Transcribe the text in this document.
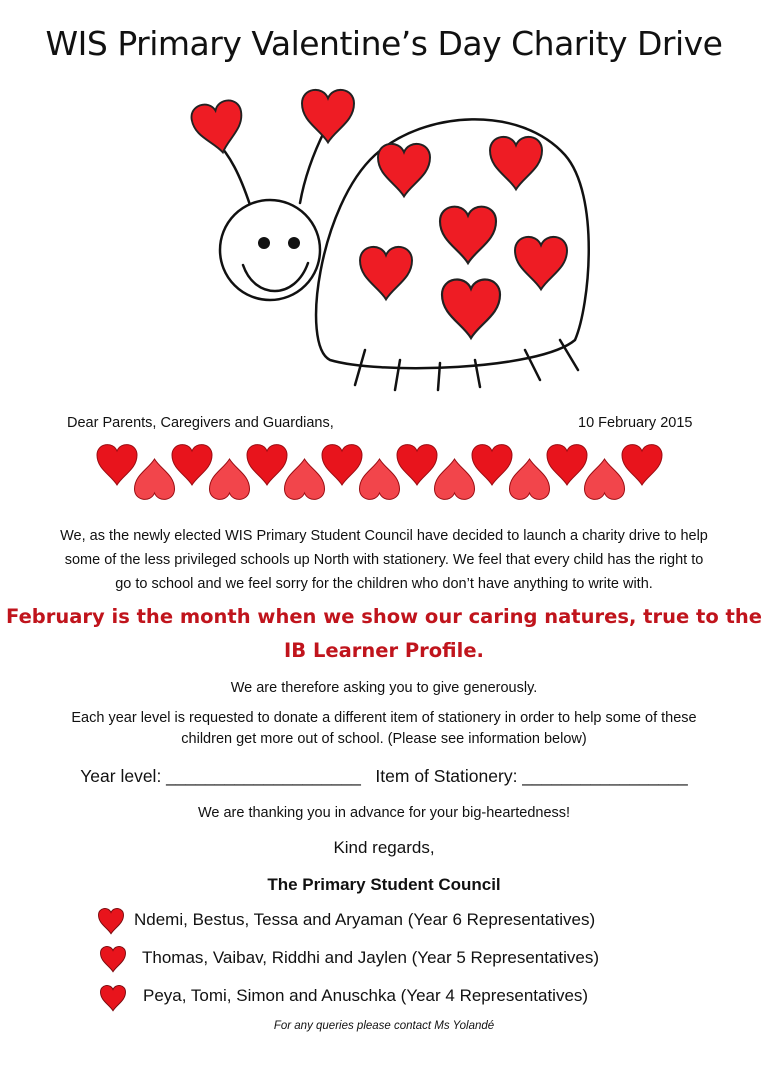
WIS Primary Valentine’s Day Charity Drive
Dear Parents, Caregivers and Guardians,	10 February 2015
We, as the newly elected WIS Primary Student Council have decided to launch a charity drive to help
some of the less privileged schools up North with stationery. We feel that every child has the right to
go to school and we feel sorry for the children who don’t have anything to write with.
February is the month when we show our caring natures, true to the
IB Learner Profile.
We are therefore asking you to give generously.
Each year level is requested to donate a different item of stationery in order to help some of these
children get more out of school. (Please see information below)
Year level: ____________________ Item of Stationery: _________________
We are thanking you in advance for your big-heartedness!
Kind regards,
The Primary Student Council
Ndemi, Bestus, Tessa and Aryaman (Year 6 Representatives)
Thomas, Vaibav, Riddhi and Jaylen (Year 5 Representatives)
Peya, Tomi, Simon and Anuschka (Year 4 Representatives)
For any queries please contact Ms Yolandé
